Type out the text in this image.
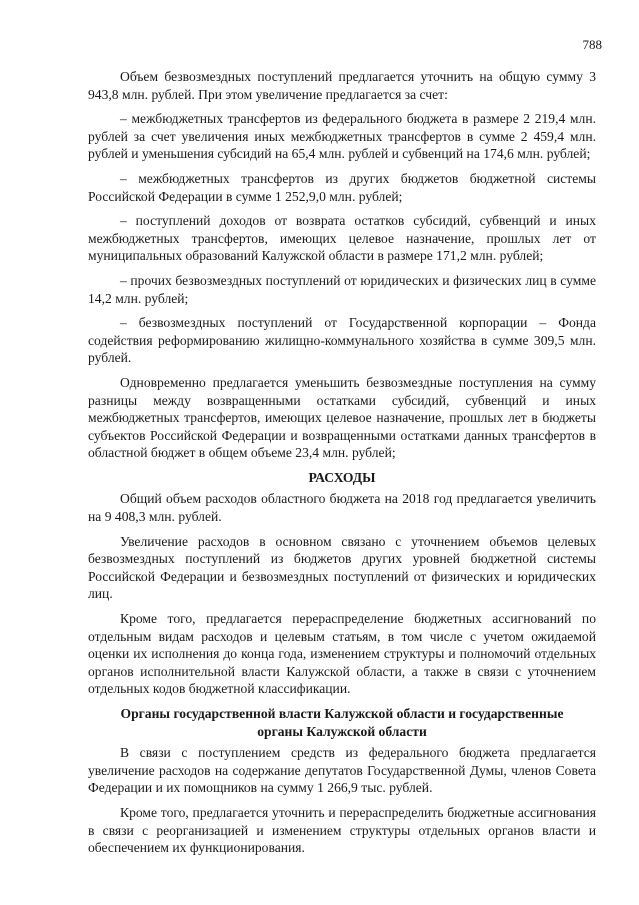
788

Объем безвозмездных поступлений предлагается уточнить на общую сумму 3 943,8 млн. рублей. При этом увеличение предлагается за счет:

– межбюджетных трансфертов из федерального бюджета в размере 2 219,4 млн. рублей за счет увеличения иных межбюджетных трансфертов в сумме 2 459,4 млн. рублей и уменьшения субсидий на 65,4 млн. рублей и субвенций на 174,6 млн. рублей;

– межбюджетных трансфертов из других бюджетов бюджетной системы Российской Федерации в сумме 1 252,9,0 млн. рублей;

– поступлений доходов от возврата остатков субсидий, субвенций и иных межбюджетных трансфертов, имеющих целевое назначение, прошлых лет от муниципальных образований Калужской области в размере 171,2 млн. рублей;

– прочих безвозмездных поступлений от юридических и физических лиц в сумме 14,2 млн. рублей;

– безвозмездных поступлений от Государственной корпорации – Фонда содействия реформированию жилищно-коммунального хозяйства в сумме 309,5 млн. рублей.

Одновременно предлагается уменьшить безвозмездные поступления на сумму разницы между возвращенными остатками субсидий, субвенций и иных межбюджетных трансфертов, имеющих целевое назначение, прошлых лет в бюджеты субъектов Российской Федерации и возвращенными остатками данных трансфертов в областной бюджет в общем объеме 23,4 млн. рублей;

РАСХОДЫ

Общий объем расходов областного бюджета на 2018 год предлагается увеличить на 9 408,3 млн. рублей.

Увеличение расходов в основном связано с уточнением объемов целевых безвозмездных поступлений из бюджетов других уровней бюджетной системы Российской Федерации и безвозмездных поступлений от физических и юридических лиц.

Кроме того, предлагается перераспределение бюджетных ассигнований по отдельным видам расходов и целевым статьям, в том числе с учетом ожидаемой оценки их исполнения до конца года, изменением структуры и полномочий отдельных органов исполнительной власти Калужской области, а также в связи с уточнением отдельных кодов бюджетной классификации.

Органы государственной власти Калужской области и государственные органы Калужской области

В связи с поступлением средств из федерального бюджета предлагается увеличение расходов на содержание депутатов Государственной Думы, членов Совета Федерации и их помощников на сумму 1 266,9 тыс. рублей.

Кроме того, предлагается уточнить и перераспределить бюджетные ассигнования в связи с реорганизацией и изменением структуры отдельных органов власти и обеспечением их функционирования.
